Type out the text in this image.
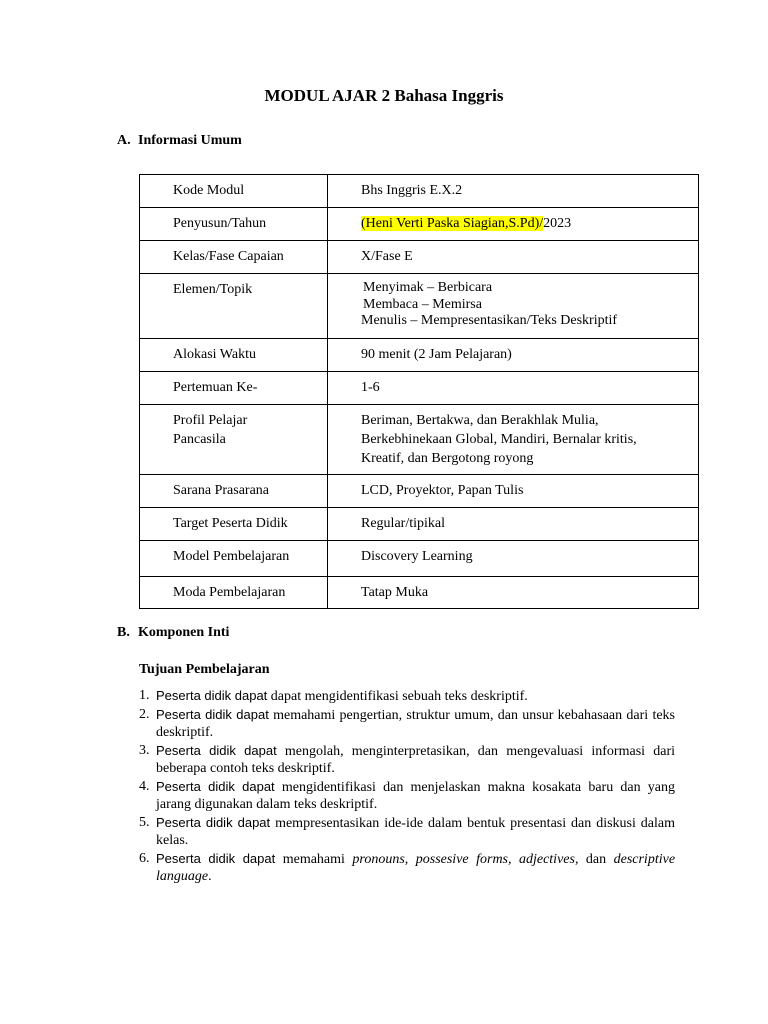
MODUL AJAR 2 Bahasa Inggris
A. Informasi Umum
Kode Modul	Bhs Inggris E.X.2
Penyusun/Tahun	(Heni Verti Paska Siagian,S.Pd)/2023
Kelas/Fase Capaian	X/Fase E
Elemen/Topik	Menyimak – Berbicara
Membaca – Memirsa
Menulis – Mempresentasikan/Teks Deskriptif

Alokasi Waktu	90 menit (2 Jam Pelajaran)
Pertemuan Ke-	1-6

Profil Pelajar
Pancasila	Beriman, Bertakwa, dan Berakhlak Mulia,
Berkebhinekaan Global, Mandiri, Bernalar kritis,
Kreatif, dan Bergotong royong

Sarana Prasarana	LCD, Proyektor, Papan Tulis
Target Peserta Didik	Regular/tipikal
Model Pembelajaran	Discovery Learning
Moda Pembelajaran	Tatap Muka
B. Komponen Inti
Tujuan Pembelajaran
1. Peserta didik dapat dapat mengidentifikasi sebuah teks deskriptif.
2. Peserta didik dapat memahami pengertian, struktur umum, dan unsur kebahasaan dari teks deskriptif.
3. Peserta didik dapat mengolah, menginterpretasikan, dan mengevaluasi informasi dari beberapa contoh teks deskriptif.
4. Peserta didik dapat mengidentifikasi dan menjelaskan makna kosakata baru dan yang jarang digunakan dalam teks deskriptif.
5. Peserta didik dapat mempresentasikan ide-ide dalam bentuk presentasi dan diskusi dalam kelas.
6. Peserta didik dapat memahami pronouns, possesive forms, adjectives, dan descriptive language.
